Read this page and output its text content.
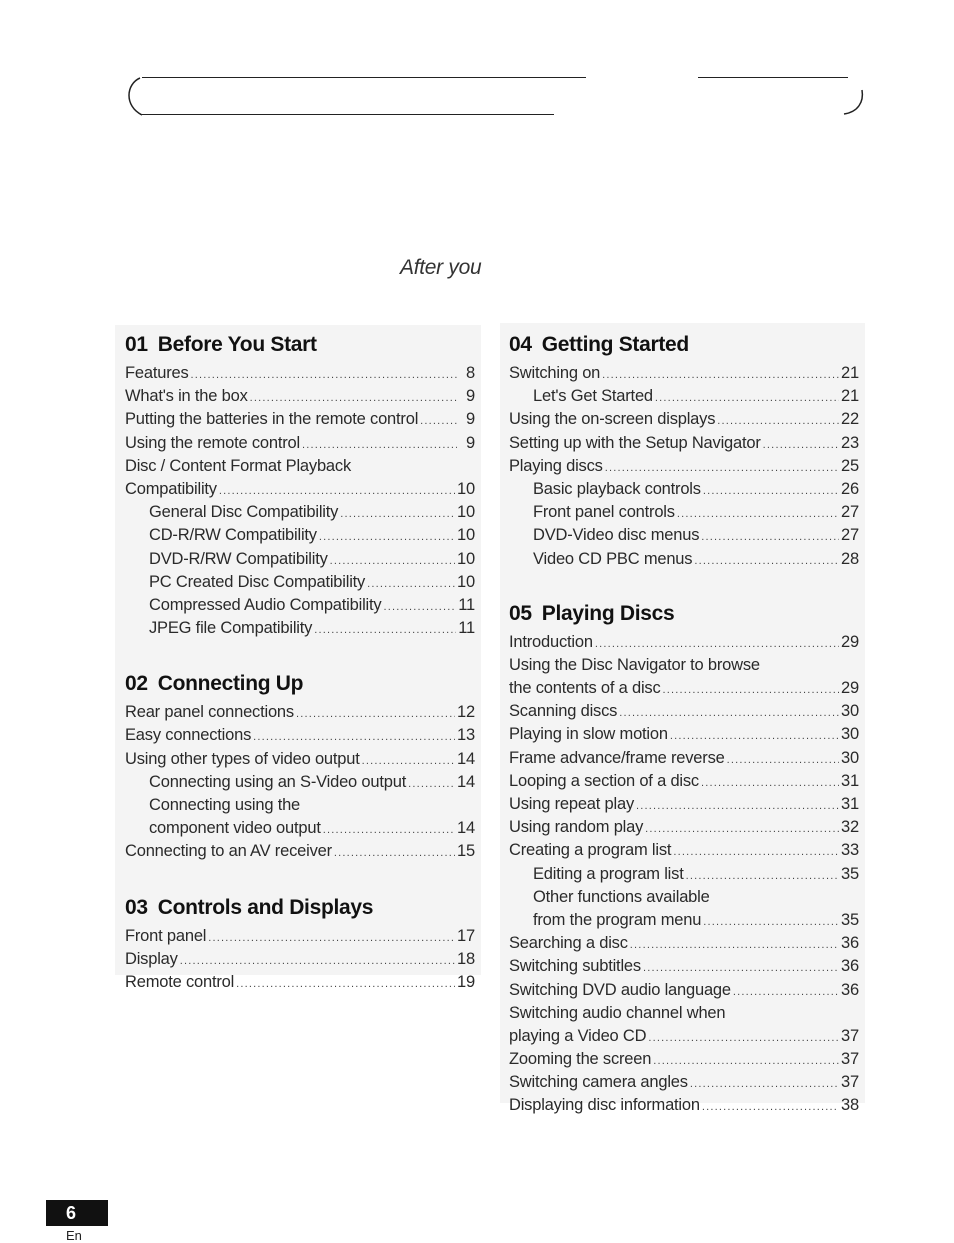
After you
01 Before You Start
Features .....	8
What's in the box .....	9
Putting the batteries in the remote control .....	9
Using the remote control .....	9
Disc / Content Format Playback
Compatibility .....	10
General Disc Compatibility .....	10
CD-R/RW Compatibility .....	10
DVD-R/RW Compatibility .....	10
PC Created Disc Compatibility .....	10
Compressed Audio Compatibility .....	11
JPEG file Compatibility .....	11
02 Connecting Up
Rear panel connections .....	12
Easy connections .....	13
Using other types of video output .....	14
Connecting using an S-Video output .....	14
Connecting using the
component video output .....	14
Connecting to an AV receiver .....	15
03 Controls and Displays
Front panel .....	17
Display .....	18
Remote control .....	19
04 Getting Started
Switching on .....	21
Let's Get Started .....	21
Using the on-screen displays .....	22
Setting up with the Setup Navigator .....	23
Playing discs .....	25
Basic playback controls .....	26
Front panel controls .....	27
DVD-Video disc menus .....	27
Video CD PBC menus .....	28
05 Playing Discs
Introduction .....	29
Using the Disc Navigator to browse
the contents of a disc .....	29
Scanning discs .....	30
Playing in slow motion .....	30
Frame advance/frame reverse .....	30
Looping a section of a disc .....	31
Using repeat play .....	31
Using random play .....	32
Creating a program list .....	33
Editing a program list .....	35
Other functions available
from the program menu .....	35
Searching a disc .....	36
Switching subtitles .....	36
Switching DVD audio language .....	36
Switching audio channel when
playing a Video CD .....	37
Zooming the screen .....	37
Switching camera angles .....	37
Displaying disc information .....	38
6
En
